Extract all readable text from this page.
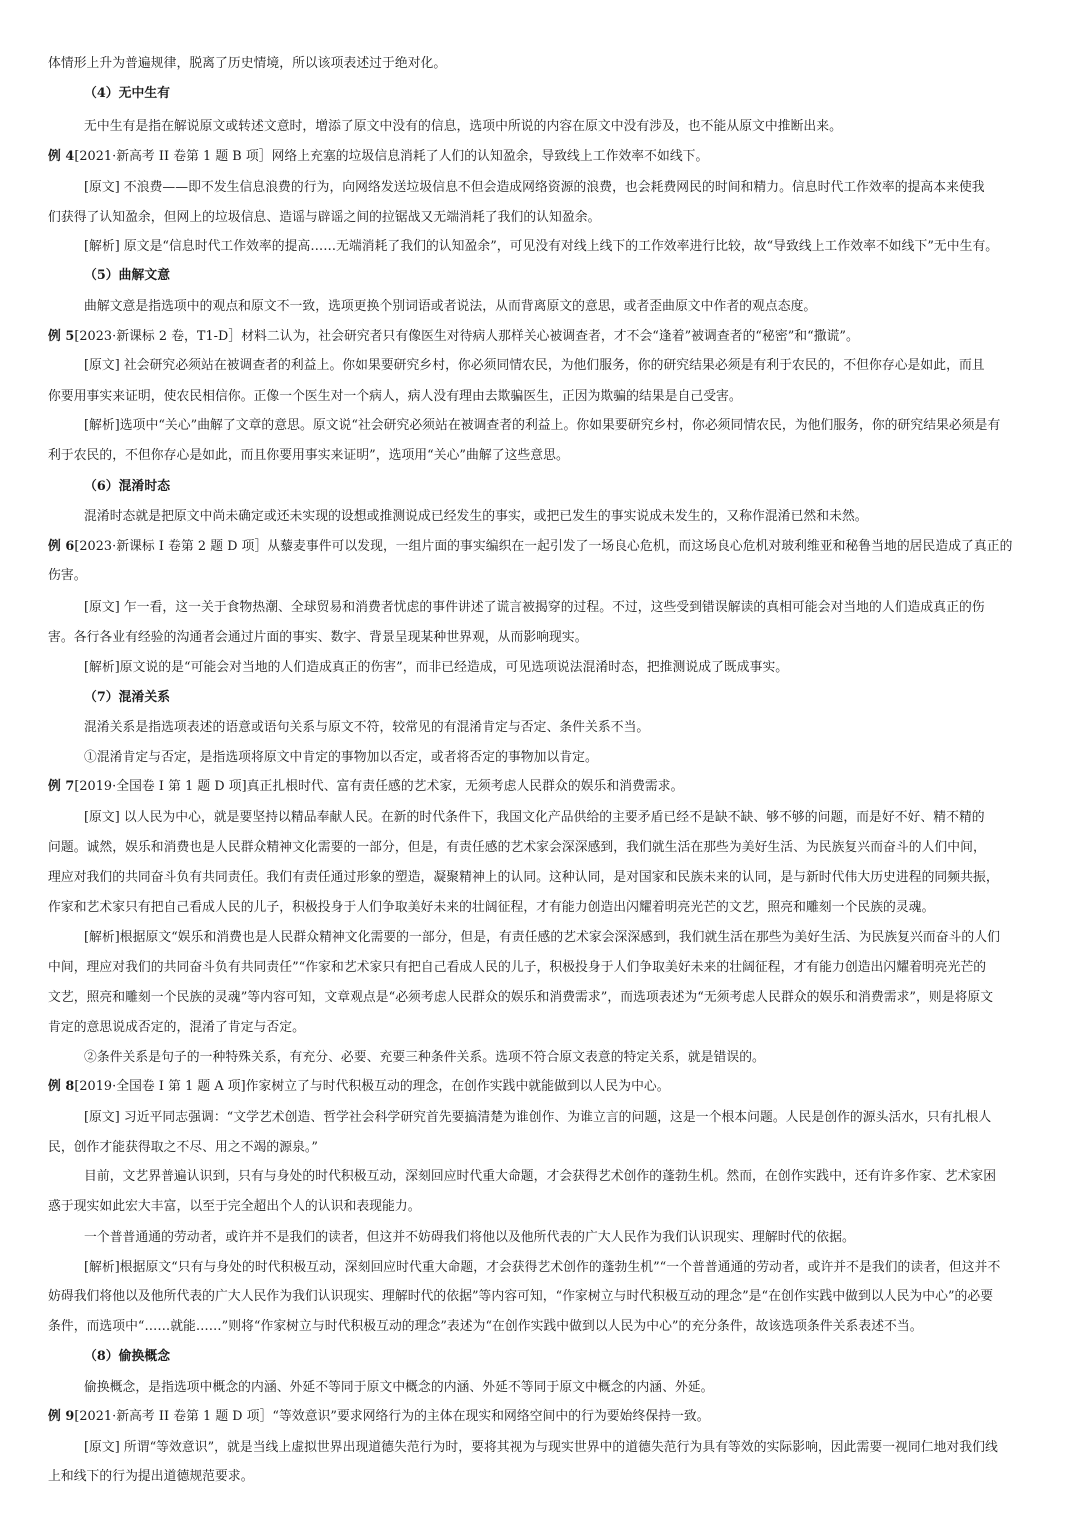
体情形上升为普遍规律，脱离了历史情境，所以该项表述过于绝对化。
（4）无中生有
无中生有是指在解说原文或转述文意时，增添了原文中没有的信息，选项中所说的内容在原文中没有涉及，也不能从原文中推断出来。
例 4[2021·新高考 II 卷第 1 题 B 项］网络上充塞的垃圾信息消耗了人们的认知盈余，导致线上工作效率不如线下。
[原文] 不浪费——即不发生信息浪费的行为，向网络发送垃圾信息不但会造成网络资源的浪费，也会耗费网民的时间和精力。信息时代工作效率的提高本来使我
们获得了认知盈余，但网上的垃圾信息、造谣与辟谣之间的拉锯战又无端消耗了我们的认知盈余。
[解析] 原文是“信息时代工作效率的提高……无端消耗了我们的认知盈余”，可见没有对线上线下的工作效率进行比较，故“导致线上工作效率不如线下”无中生有。
（5）曲解文意
曲解文意是指选项中的观点和原文不一致，选项更换个别词语或者说法，从而背离原文的意思，或者歪曲原文中作者的观点态度。
例 5[2023·新课标 2 卷，T1-D］材料二认为，社会研究者只有像医生对待病人那样关心被调查者，才不会“逢着”被调查者的“秘密”和“撒谎”。
[原文] 社会研究必须站在被调查者的利益上。你如果要研究乡村，你必须同情农民，为他们服务，你的研究结果必须是有利于农民的，不但你存心是如此，而且
你要用事实来证明，使农民相信你。正像一个医生对一个病人，病人没有理由去欺骗医生，正因为欺骗的结果是自己受害。
[解析]选项中“关心”曲解了文章的意思。原文说“社会研究必须站在被调查者的利益上。你如果要研究乡村，你必须同情农民，为他们服务，你的研究结果必须是有
利于农民的，不但你存心是如此，而且你要用事实来证明”，选项用“关心”曲解了这些意思。
（6）混淆时态
混淆时态就是把原文中尚未确定或还未实现的设想或推测说成已经发生的事实，或把已发生的事实说成未发生的，又称作混淆已然和未然。
例 6[2023·新课标 I 卷第 2 题 D 项］从藜麦事件可以发现，一组片面的事实编织在一起引发了一场良心危机，而这场良心危机对玻利维亚和秘鲁当地的居民造成了真正的
伤害。
[原文] 乍一看，这一关于食物热潮、全球贸易和消费者忧虑的事件讲述了谎言被揭穿的过程。不过，这些受到错误解读的真相可能会对当地的人们造成真正的伤
害。各行各业有经验的沟通者会通过片面的事实、数字、背景呈现某种世界观，从而影响现实。
[解析]原文说的是“可能会对当地的人们造成真正的伤害”，而非已经造成，可见选项说法混淆时态，把推测说成了既成事实。
（7）混淆关系
混淆关系是指选项表述的语意或语句关系与原文不符，较常见的有混淆肯定与否定、条件关系不当。
①混淆肯定与否定，是指选项将原文中肯定的事物加以否定，或者将否定的事物加以肯定。
例 7[2019·全国卷 I 第 1 题 D 项]真正扎根时代、富有责任感的艺术家，无须考虑人民群众的娱乐和消费需求。
[原文] 以人民为中心，就是要坚持以精品奉献人民。在新的时代条件下，我国文化产品供给的主要矛盾已经不是缺不缺、够不够的问题，而是好不好、精不精的
问题。诚然，娱乐和消费也是人民群众精神文化需要的一部分，但是，有责任感的艺术家会深深感到，我们就生活在那些为美好生活、为民族复兴而奋斗的人们中间，
理应对我们的共同奋斗负有共同责任。我们有责任通过形象的塑造，凝聚精神上的认同。这种认同，是对国家和民族未来的认同，是与新时代伟大历史进程的同频共振，
作家和艺术家只有把自己看成人民的儿子，积极投身于人们争取美好未来的壮阔征程，才有能力创造出闪耀着明亮光芒的文艺，照亮和雕刻一个民族的灵魂。
[解析]根据原文“娱乐和消费也是人民群众精神文化需要的一部分，但是，有责任感的艺术家会深深感到，我们就生活在那些为美好生活、为民族复兴而奋斗的人们
中间，理应对我们的共同奋斗负有共同责任”“作家和艺术家只有把自己看成人民的儿子，积极投身于人们争取美好未来的壮阔征程，才有能力创造出闪耀着明亮光芒的
文艺，照亮和雕刻一个民族的灵魂”等内容可知，文章观点是“必须考虑人民群众的娱乐和消费需求”，而选项表述为“无须考虑人民群众的娱乐和消费需求”，则是将原文
肯定的意思说成否定的，混淆了肯定与否定。
②条件关系是句子的一种特殊关系，有充分、必要、充要三种条件关系。选项不符合原文表意的特定关系，就是错误的。
例 8[2019·全国卷 I 第 1 题 A 项]作家树立了与时代积极互动的理念，在创作实践中就能做到以人民为中心。
[原文] 习近平同志强调：“文学艺术创造、哲学社会科学研究首先要搞清楚为谁创作、为谁立言的问题，这是一个根本问题。人民是创作的源头活水，只有扎根人
民，创作才能获得取之不尽、用之不竭的源泉。”
目前，文艺界普遍认识到，只有与身处的时代积极互动，深刻回应时代重大命题，才会获得艺术创作的蓬勃生机。然而，在创作实践中，还有许多作家、艺术家困
惑于现实如此宏大丰富，以至于完全超出个人的认识和表现能力。
一个普普通通的劳动者，或许并不是我们的读者，但这并不妨碍我们将他以及他所代表的广大人民作为我们认识现实、理解时代的依据。
[解析]根据原文“只有与身处的时代积极互动，深刻回应时代重大命题，才会获得艺术创作的蓬勃生机”“一个普普通通的劳动者，或许并不是我们的读者，但这并不
妨碍我们将他以及他所代表的广大人民作为我们认识现实、理解时代的依据”等内容可知，“作家树立与时代积极互动的理念”是“在创作实践中做到以人民为中心”的必要
条件，而选项中“……就能……”则将“作家树立与时代积极互动的理念”表述为“在创作实践中做到以人民为中心”的充分条件，故该选项条件关系表述不当。
（8）偷换概念
偷换概念，是指选项中概念的内涵、外延不等同于原文中概念的内涵、外延不等同于原文中概念的内涵、外延。
例 9[2021·新高考 II 卷第 1 题 D 项］“等效意识”要求网络行为的主体在现实和网络空间中的行为要始终保持一致。
[原文] 所谓“等效意识”，就是当线上虚拟世界出现道德失范行为时，要将其视为与现实世界中的道德失范行为具有等效的实际影响，因此需要一视同仁地对我们线
上和线下的行为提出道德规范要求。
